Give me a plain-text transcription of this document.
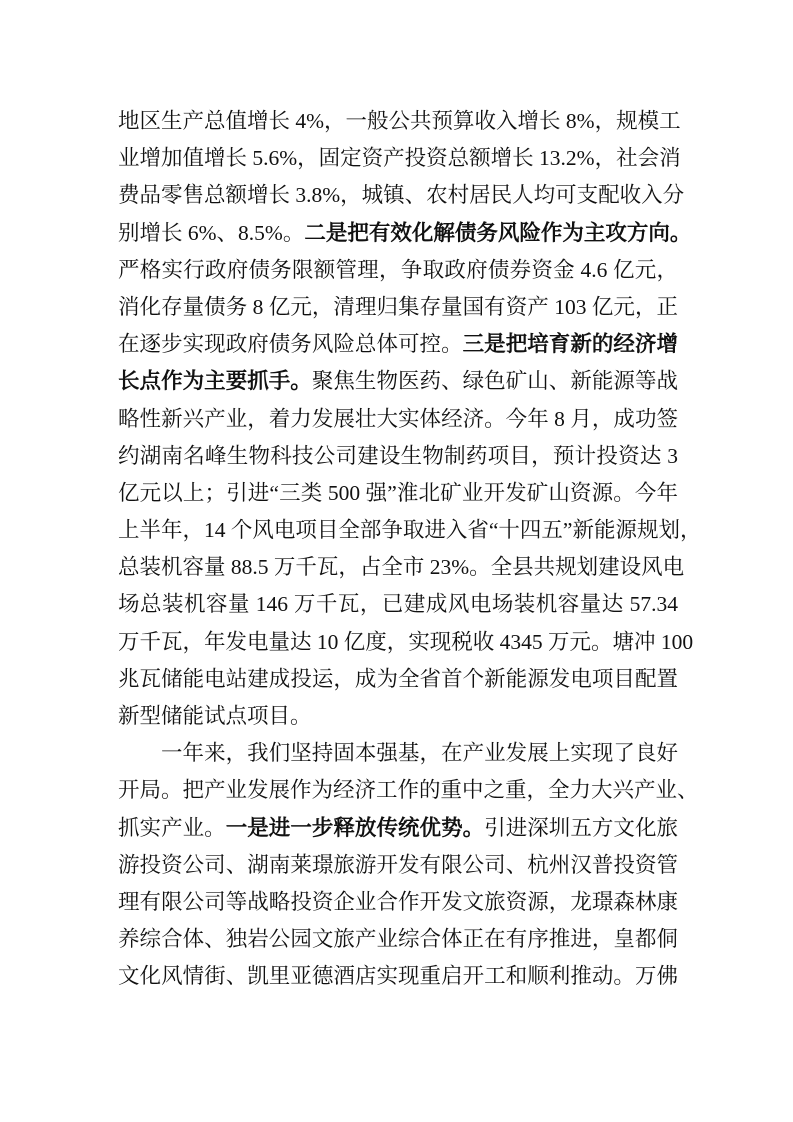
地区生产总值增长 4%，一般公共预算收入增长 8%，规模工
业增加值增长 5.6%，固定资产投资总额增长 13.2%，社会消
费品零售总额增长 3.8%，城镇、农村居民人均可支配收入分
别增长 6%、8.5%。二是把有效化解债务风险作为主攻方向。
严格实行政府债务限额管理，争取政府债券资金 4.6 亿元，
消化存量债务 8 亿元，清理归集存量国有资产 103 亿元，正
在逐步实现政府债务风险总体可控。三是把培育新的经济增
长点作为主要抓手。聚焦生物医药、绿色矿山、新能源等战
略性新兴产业，着力发展壮大实体经济。今年 8 月，成功签
约湖南名峰生物科技公司建设生物制药项目，预计投资达 3
亿元以上；引进“三类 500 强”淮北矿业开发矿山资源。今年
上半年，14 个风电项目全部争取进入省“十四五”新能源规划，
总装机容量 88.5 万千瓦，占全市 23%。全县共规划建设风电
场总装机容量 146 万千瓦，已建成风电场装机容量达 57.34
万千瓦，年发电量达 10 亿度，实现税收 4345 万元。塘冲 100
兆瓦储能电站建成投运，成为全省首个新能源发电项目配置
新型储能试点项目。
一年来，我们坚持固本强基，在产业发展上实现了良好
开局。把产业发展作为经济工作的重中之重，全力大兴产业、
抓实产业。一是进一步释放传统优势。引进深圳五方文化旅
游投资公司、湖南莱璟旅游开发有限公司、杭州汉普投资管
理有限公司等战略投资企业合作开发文旅资源，龙璟森林康
养综合体、独岩公园文旅产业综合体正在有序推进，皇都侗
文化风情街、凯里亚德酒店实现重启开工和顺利推动。万佛
